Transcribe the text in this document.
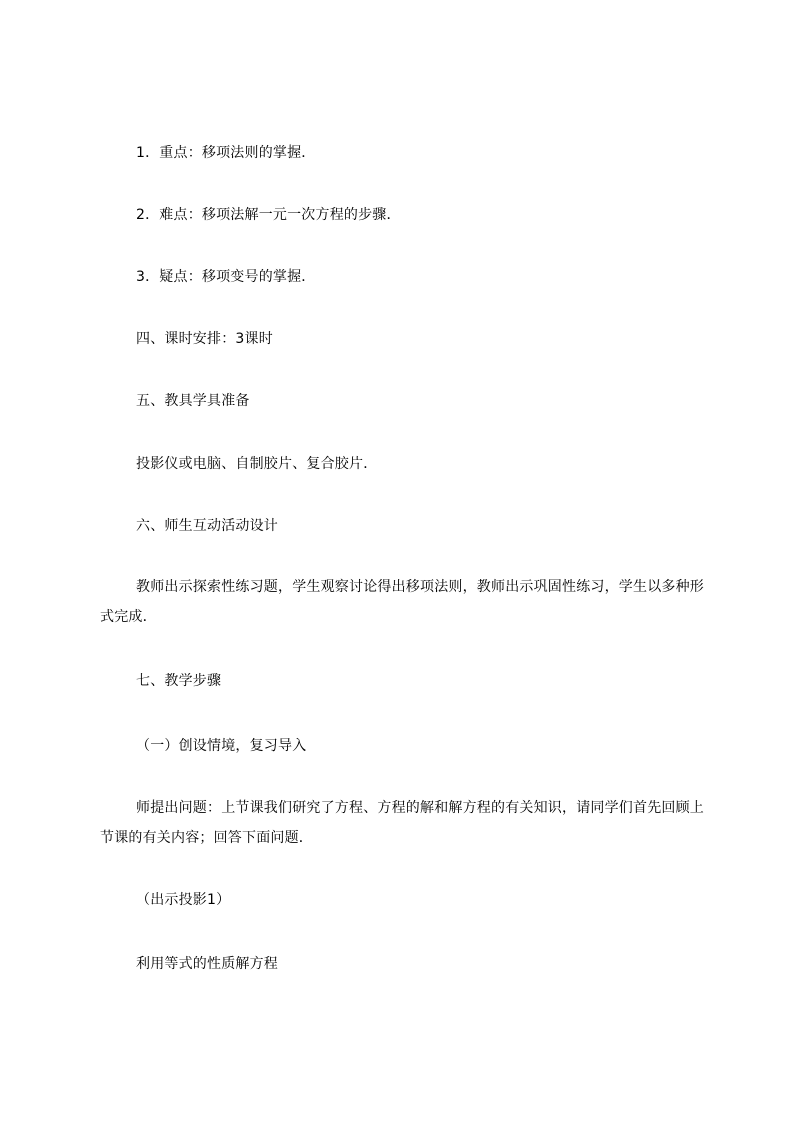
1．重点：移项法则的掌握．
2．难点：移项法解一元一次方程的步骤．
3．疑点：移项变号的掌握．
四、课时安排：3课时
五、教具学具准备
投影仪或电脑、自制胶片、复合胶片．
六、师生互动活动设计
教师出示探索性练习题，学生观察讨论得出移项法则，教师出示巩固性练习，学生以多种形式完成．
七、教学步骤
（一）创设情境，复习导入
师提出问题：上节课我们研究了方程、方程的解和解方程的有关知识，请同学们首先回顾上节课的有关内容；回答下面问题．
（出示投影1）
利用等式的性质解方程
